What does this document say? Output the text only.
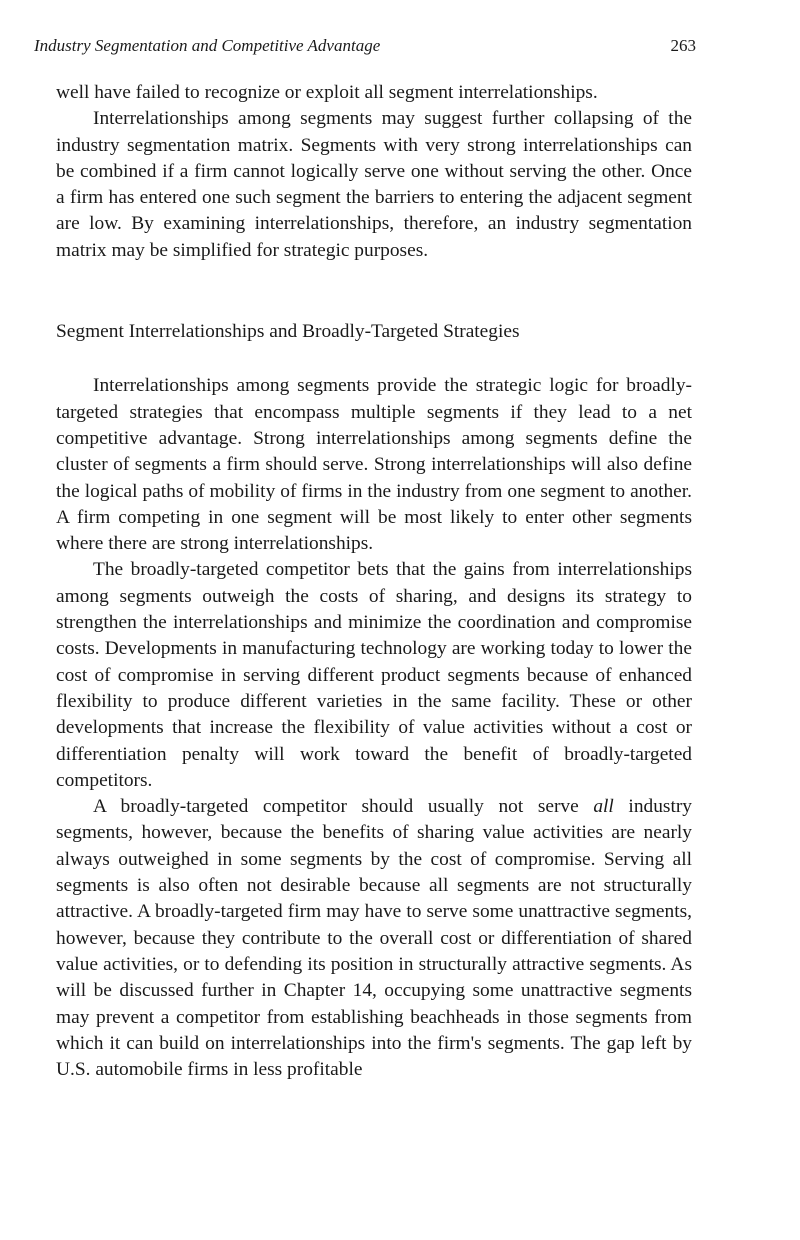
Industry Segmentation and Competitive Advantage	263

well have failed to recognize or exploit all segment interrelationships.

Interrelationships among segments may suggest further collapsing of the industry segmentation matrix. Segments with very strong interrelationships can be combined if a firm cannot logically serve one without serving the other. Once a firm has entered one such segment the barriers to entering the adjacent segment are low. By examining interrelationships, therefore, an industry segmentation matrix may be simplified for strategic purposes.

Segment Interrelationships and Broadly-Targeted Strategies

Interrelationships among segments provide the strategic logic for broadly-targeted strategies that encompass multiple segments if they lead to a net competitive advantage. Strong interrelationships among segments define the cluster of segments a firm should serve. Strong interrelationships will also define the logical paths of mobility of firms in the industry from one segment to another. A firm competing in one segment will be most likely to enter other segments where there are strong interrelationships.

The broadly-targeted competitor bets that the gains from interrelationships among segments outweigh the costs of sharing, and designs its strategy to strengthen the interrelationships and minimize the coordination and compromise costs. Developments in manufacturing technology are working today to lower the cost of compromise in serving different product segments because of enhanced flexibility to produce different varieties in the same facility. These or other developments that increase the flexibility of value activities without a cost or differentiation penalty will work toward the benefit of broadly-targeted competitors.

A broadly-targeted competitor should usually not serve all industry segments, however, because the benefits of sharing value activities are nearly always outweighed in some segments by the cost of compromise. Serving all segments is also often not desirable because all segments are not structurally attractive. A broadly-targeted firm may have to serve some unattractive segments, however, because they contribute to the overall cost or differentiation of shared value activities, or to defending its position in structurally attractive segments. As will be discussed further in Chapter 14, occupying some unattractive segments may prevent a competitor from establishing beachheads in those segments from which it can build on interrelationships into the firm's segments. The gap left by U.S. automobile firms in less profitable
